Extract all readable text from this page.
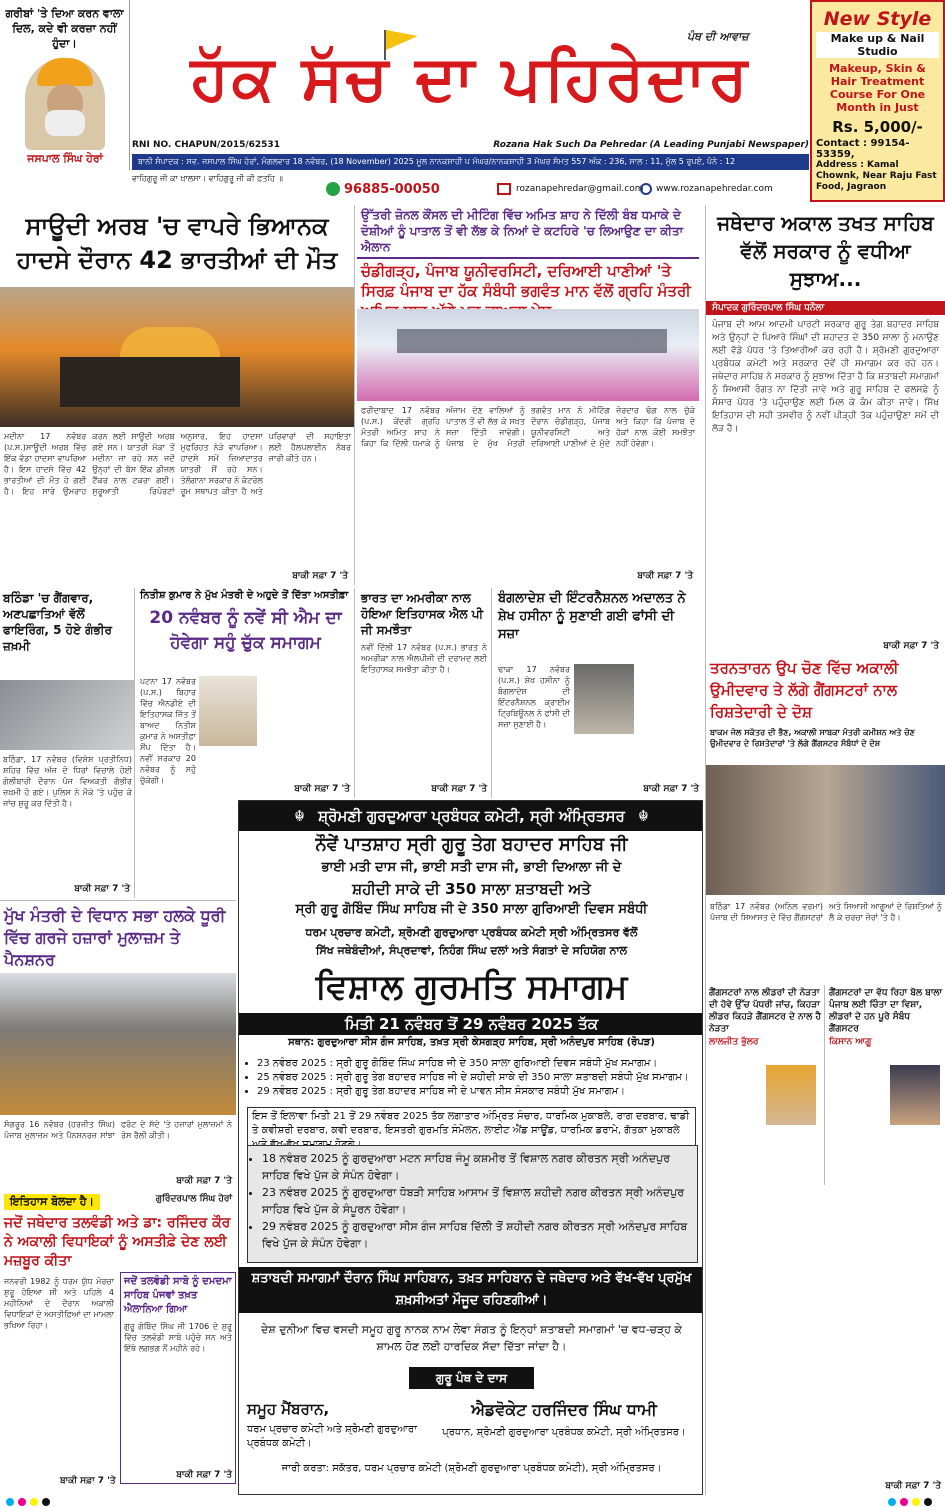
ਗਰੀਬਾਂ 'ਤੇ ਦਿਆ ਕਰਨ ਵਾਲਾ ਦਿਲ, ਕਦੇ ਵੀ ਕਰਜ਼ਾ ਨਹੀਂ ਹੁੰਦਾ।
ਜਸਪਾਲ ਸਿੰਘ ਹੇਰਾਂ
ਹੱਕ ਸੱਚ ਦਾ ਪਹਿਰੇਦਾਰ
ਪੰਥ ਦੀ ਆਵਾਜ਼
RNI NO. CHAPUN/2015/62531	Rozana Hak Such Da Pehredar (A Leading Punjabi Newspaper)
ਬਾਨੀ ਸੰਪਾਦਕ : ਸਵ. ਜਸਪਾਲ ਸਿੰਘ ਹੇਰਾਂ, ਮੰਗਲਵਾਰ 18 ਨਵੰਬਰ, (18 November) 2025 ਮੂਲ ਨਾਨਕਸ਼ਾਹੀ ਪ ਮੱਘਰ/ਨਾਨਕਸ਼ਾਹੀ 3 ਮੱਘਰ ਸੰਮਤ 557 ਅੰਕ : 236, ਸਾਲ : 11, ਮੁੱਲ 5 ਰੁਪਏ, ਪੰਨੇ : 12
ਵਾਹਿਗੁਰੂ ਜੀ ਕਾ ਖ਼ਾਲਸਾ। ਵਾਹਿਗੁਰੂ ਜੀ ਕੀ ਫ਼ਤਹਿ ॥
96885-00050	rozanapehredar@gmail.com www.rozanapehredar.com
New Style
Make up & Nail Studio
Makeup, Skin & Hair Treatment Course For One Month in Just
Rs. 5,000/-
Contact : 99154-53359,
Address : Kamal Chownk, Near Raju Fast Food, Jagraon
ਸਾਊਦੀ ਅਰਬ 'ਚ ਵਾਪਰੇ ਭਿਆਨਕ ਹਾਦਸੇ ਦੌਰਾਨ 42 ਭਾਰਤੀਆਂ ਦੀ ਮੌਤ
ਮਦੀਨਾ 17 ਨਵੰਬਰ (ਪ.ਸ.)ਸਾਊਦੀ ਅਰਬ ਵਿੱਚ ਇੱਕ ਵੱਡਾ ਹਾਦਸਾ ਵਾਪਰਿਆ ਹੈ। ਇਸ ਹਾਦਸੇ ਵਿੱਚ 42 ਭਾਰਤੀਆਂ ਦੀ ਮੌਤ ਹੋ ਗਈ ਹੈ। ਇਹ ਸਾਰੇ ਉਮਰਾਹ ਕਰਨ ਲਈ ਸਾਊਦੀ ਅਰਬ ਗਏ ਸਨ। ਯਾਤਰੀ ਮੱਕਾ ਤੋਂ ਮਦੀਨਾ ਜਾ ਰਹੇ ਸਨ ਜਦੋਂ ਉਨ੍ਹਾਂ ਦੀ ਬੱਸ ਇੱਕ ਡੀਜ਼ਲ ਟੈਂਕਰ ਨਾਲ ਟਕਰਾ ਗਈ। ਸੁਰੂਆਤੀ ਰਿਪੋਰਟਾਂ ਅਨੁਸਾਰ, ਇਹ ਹਾਦਸਾ ਮੁਫਰਿਹਤ ਨੇੜੇ ਵਾਪਰਿਆ। ਹਾਦਸੇ ਸਮੇਂ ਜ਼ਿਆਦਾਤਰ ਯਾਤਰੀ ਸੌਂ ਰਹੇ ਸਨ। ਤੇਲੰਗਾਨਾ ਸਰਕਾਰ ਨੇ ਕੰਟਰੋਲ ਰੂਮ ਸਥਾਪਤ ਕੀਤਾ ਹੈ ਅਤੇ ਪਰਿਵਾਰਾਂ ਦੀ ਸਹਾਇਤਾ ਲਈ ਹੈਲਪਲਾਈਨ ਨੰਬਰ ਜਾਰੀ ਕੀਤੇ ਹਨ।
ਬਾਕੀ ਸਫ਼ਾ 7 'ਤੇ
ਉੱਤਰੀ ਜ਼ੋਨਲ ਕੌਂਸਲ ਦੀ ਮੀਟਿੰਗ ਵਿੱਚ ਅਮਿਤ ਸ਼ਾਹ ਨੇ ਦਿੱਲੀ ਬੰਬ ਧਮਾਕੇ ਦੇ ਦੋਸ਼ੀਆਂ ਨੂੰ ਪਾਤਾਲ ਤੋਂ ਵੀ ਲੱਭ ਕੇ ਨਿਆਂ ਦੇ ਕਟਹਿਰੇ 'ਚ ਲਿਆਉਣ ਦਾ ਕੀਤਾ ਐਲਾਨ
ਚੰਡੀਗੜ੍ਹ, ਪੰਜਾਬ ਯੂਨੀਵਰਸਿਟੀ, ਦਰਿਆਈ ਪਾਣੀਆਂ 'ਤੇ ਸਿਰਫ਼ ਪੰਜਾਬ ਦਾ ਹੱਕ ਸੰਬੰਧੀ ਭਗਵੰਤ ਮਾਨ ਵੱਲੋਂ ਗ੍ਰਹਿ ਮੰਤਰੀ
ਫਰੀਦਾਬਾਦ 17 ਨਵੰਬਰ (ਪ.ਸ.) ਕੇਂਦਰੀ ਗ੍ਰਹਿ ਮੰਤਰੀ ਅਮਿਤ ਸ਼ਾਹ ਨੇ ਕਿਹਾ ਕਿ ਦਿੱਲੀ ਧਮਾਕੇ ਨੂੰ ਅੰਜਾਮ ਦੇਣ ਵਾਲਿਆਂ ਨੂੰ ਪਾਤਾਲ ਤੋਂ ਵੀ ਲੱਭ ਕੇ ਸਖ਼ਤ ਸਜ਼ਾ ਦਿੱਤੀ ਜਾਵੇਗੀ। ਪੰਜਾਬ ਦੇ ਮੁੱਖ ਮੰਤਰੀ ਭਗਵੰਤ ਮਾਨ ਨੇ ਮੀਟਿੰਗ ਦੌਰਾਨ ਚੰਡੀਗੜ੍ਹ, ਪੰਜਾਬ ਯੂਨੀਵਰਸਿਟੀ ਅਤੇ ਦਰਿਆਈ ਪਾਣੀਆਂ ਦੇ ਮੁੱਦੇ ਜ਼ੋਰਦਾਰ ਢੰਗ ਨਾਲ ਚੁੱਕੇ ਅਤੇ ਕਿਹਾ ਕਿ ਪੰਜਾਬ ਦੇ ਹੱਕਾਂ ਨਾਲ ਕੋਈ ਸਮਝੌਤਾ ਨਹੀਂ ਹੋਵੇਗਾ।
ਬਾਕੀ ਸਫ਼ਾ 7 'ਤੇ
ਜਥੇਦਾਰ ਅਕਾਲ ਤਖਤ ਸਾਹਿਬ ਵੱਲੋਂ ਸਰਕਾਰ ਨੂੰ ਵਧੀਆ ਸੁਝਾਅ...
ਸੰਪਾਦਕ ਗੁਰਿੰਦਰਪਾਲ ਸਿੰਘ ਧਨੌਲਾ
ਪੰਜਾਬ ਦੀ ਆਮ ਆਦਮੀ ਪਾਰਟੀ ਸਰਕਾਰ ਗੁਰੂ ਤੇਗ ਬਹਾਦਰ ਸਾਹਿਬ ਅਤੇ ਉਨ੍ਹਾਂ ਦੇ ਪਿਆਰੇ ਸਿੰਘਾਂ ਦੀ ਸ਼ਹਾਦਤ ਦੇ 350 ਸਾਲਾ ਨੂੰ ਮਨਾਉਣ ਲਈ ਵੱਡੇ ਪੱਧਰ 'ਤੇ ਤਿਆਰੀਆਂ ਕਰ ਰਹੀ ਹੈ। ਸ਼੍ਰੋਮਣੀ ਗੁਰਦੁਆਰਾ ਪ੍ਰਬੰਧਕ ਕਮੇਟੀ ਅਤੇ ਸਰਕਾਰ ਦੋਵੇਂ ਹੀ ਸਮਾਗਮ ਕਰ ਰਹੇ ਹਨ। ਜਥੇਦਾਰ ਸਾਹਿਬ ਨੇ ਸਰਕਾਰ ਨੂੰ ਸੁਝਾਅ ਦਿੱਤਾ ਹੈ ਕਿ ਸ਼ਤਾਬਦੀ ਸਮਾਗਮਾਂ ਨੂੰ ਸਿਆਸੀ ਰੰਗਤ ਨਾ ਦਿੱਤੀ ਜਾਵੇ ਅਤੇ ਗੁਰੂ ਸਾਹਿਬ ਦੇ ਫਲਸਫ਼ੇ ਨੂੰ ਸੰਸਾਰ ਪੱਧਰ 'ਤੇ ਪਹੁੰਚਾਉਣ ਲਈ ਮਿਲ ਕੇ ਕੰਮ ਕੀਤਾ ਜਾਵੇ। ਸਿੱਖ ਇਤਿਹਾਸ ਦੀ ਸਹੀ ਤਸਵੀਰ ਨੂੰ ਨਵੀਂ ਪੀੜ੍ਹੀ ਤੱਕ ਪਹੁੰਚਾਉਣਾ ਸਮੇਂ ਦੀ ਲੋੜ ਹੈ।
ਬਾਕੀ ਸਫ਼ਾ 7 'ਤੇ
ਬਠਿੰਡਾ 'ਚ ਗੈਂਗਵਾਰ, ਅਣਪਛਾਤਿਆਂ ਵੱਲੋਂ ਫਾਇਰਿੰਗ, 5 ਹੋਏ ਗੰਭੀਰ ਜ਼ਖ਼ਮੀ
ਬਠਿੰਡਾ, 17 ਨਵੰਬਰ (ਵਿਸ਼ੇਸ਼ ਪ੍ਰਤੀਨਿਧ) ਸ਼ਹਿਰ ਵਿੱਚ ਅੱਜ ਦੋ ਧਿਰਾਂ ਵਿਚਾਲੇ ਹੋਈ ਗੋਲੀਬਾਰੀ ਦੌਰਾਨ ਪੰਜ ਵਿਅਕਤੀ ਗੰਭੀਰ ਜ਼ਖ਼ਮੀ ਹੋ ਗਏ। ਪੁਲਿਸ ਨੇ ਮੌਕੇ 'ਤੇ ਪਹੁੰਚ ਕੇ ਜਾਂਚ ਸ਼ੁਰੂ ਕਰ ਦਿੱਤੀ ਹੈ।
ਬਾਕੀ ਸਫ਼ਾ 7 'ਤੇ
ਨਿਤੀਸ਼ ਕੁਮਾਰ ਨੇ ਮੁੱਖ ਮੰਤਰੀ ਦੇ ਅਹੁਦੇ ਤੋਂ ਦਿੱਤਾ ਅਸਤੀਫ਼ਾ
20 ਨਵੰਬਰ ਨੂੰ ਨਵੇਂ ਸੀ ਐਮ ਦਾ ਹੋਵੇਗਾ ਸਹੁੰ ਚੁੱਕ ਸਮਾਗਮ
ਪਟਨਾ 17 ਨਵੰਬਰ (ਪ.ਸ.) ਬਿਹਾਰ ਵਿੱਚ ਐਨਡੀਏ ਦੀ ਇਤਿਹਾਸਕ ਜਿੱਤ ਤੋਂ ਬਾਅਦ ਨਿਤੀਸ਼ ਕੁਮਾਰ ਨੇ ਅਸਤੀਫ਼ਾ ਸੌਂਪ ਦਿੱਤਾ ਹੈ। ਨਵੀਂ ਸਰਕਾਰ 20 ਨਵੰਬਰ ਨੂੰ ਸਹੁੰ ਚੁੱਕੇਗੀ।
ਬਾਕੀ ਸਫ਼ਾ 7 'ਤੇ
ਭਾਰਤ ਦਾ ਅਮਰੀਕਾ ਨਾਲ ਹੋਇਆ ਇਤਿਹਾਸਕ ਐਲ ਪੀ ਜੀ ਸਮਝੌਤਾ
ਨਵੀਂ ਦਿੱਲੀ 17 ਨਵੰਬਰ (ਪ.ਸ.) ਭਾਰਤ ਨੇ ਅਮਰੀਕਾ ਨਾਲ ਐਲਪੀਜੀ ਦੀ ਦਰਾਮਦ ਲਈ ਇਤਿਹਾਸਕ ਸਮਝੌਤਾ ਕੀਤਾ ਹੈ।
ਬਾਕੀ ਸਫ਼ਾ 7 'ਤੇ
ਬੰਗਲਾਦੇਸ਼ ਦੀ ਇੰਟਰਨੈਸ਼ਨਲ ਅਦਾਲਤ ਨੇ ਸ਼ੇਖ ਹਸੀਨਾ ਨੂੰ ਸੁਣਾਈ ਗਈ ਫਾਂਸੀ ਦੀ ਸਜ਼ਾ
ਢਾਕਾ 17 ਨਵੰਬਰ (ਪ.ਸ.) ਸ਼ੇਖ ਹਸੀਨਾ ਨੂੰ ਬੰਗਲਾਦੇਸ਼ ਦੀ ਇੰਟਰਨੈਸ਼ਨਲ ਕ੍ਰਾਈਮ ਟ੍ਰਿਬਿਊਨਲ ਨੇ ਫਾਂਸੀ ਦੀ ਸਜ਼ਾ ਸੁਣਾਈ ਹੈ।
ਬਾਕੀ ਸਫ਼ਾ 7 'ਤੇ
☬ ਸ਼੍ਰੋਮਣੀ ਗੁਰਦੁਆਰਾ ਪ੍ਰਬੰਧਕ ਕਮੇਟੀ, ਸ੍ਰੀ ਅੰਮ੍ਰਿਤਸਰ ☬
ਨੌਵੇਂ ਪਾਤਸ਼ਾਹ ਸ੍ਰੀ ਗੁਰੂ ਤੇਗ ਬਹਾਦਰ ਸਾਹਿਬ ਜੀ
ਭਾਈ ਮਤੀ ਦਾਸ ਜੀ, ਭਾਈ ਸਤੀ ਦਾਸ ਜੀ, ਭਾਈ ਦਿਆਲਾ ਜੀ ਦੇ
ਸ਼ਹੀਦੀ ਸਾਕੇ ਦੀ 350 ਸਾਲਾ ਸ਼ਤਾਬਦੀ ਅਤੇ
ਸ੍ਰੀ ਗੁਰੂ ਗੋਬਿੰਦ ਸਿੰਘ ਸਾਹਿਬ ਜੀ ਦੇ 350 ਸਾਲਾ ਗੁਰਿਆਈ ਦਿਵਸ ਸਬੰਧੀ
ਧਰਮ ਪ੍ਰਚਾਰ ਕਮੇਟੀ, ਸ਼੍ਰੋਮਣੀ ਗੁਰਦੁਆਰਾ ਪ੍ਰਬੰਧਕ ਕਮੇਟੀ ਸ੍ਰੀ ਅੰਮ੍ਰਿਤਸਰ ਵੱਲੋਂ
ਸਿੱਖ ਜਥੇਬੰਦੀਆਂ, ਸੰਪ੍ਰਦਾਵਾਂ, ਨਿਹੰਗ ਸਿੰਘ ਦਲਾਂ ਅਤੇ ਸੰਗਤਾਂ ਦੇ ਸਹਿਯੋਗ ਨਾਲ
ਵਿਸ਼ਾਲ ਗੁਰਮਤਿ ਸਮਾਗਮ
ਮਿਤੀ 21 ਨਵੰਬਰ ਤੋਂ 29 ਨਵੰਬਰ 2025 ਤੱਕ
ਸਥਾਨ: ਗੁਰਦੁਆਰਾ ਸੀਸ ਗੰਜ ਸਾਹਿਬ, ਤਖ਼ਤ ਸ੍ਰੀ ਕੇਸਗੜ੍ਹ ਸਾਹਿਬ, ਸ੍ਰੀ ਅਨੰਦਪੁਰ ਸਾਹਿਬ (ਰੋਪੜ)
• 23 ਨਵੰਬਰ 2025 : ਸ੍ਰੀ ਗੁਰੂ ਗੋਬਿੰਦ ਸਿੰਘ ਸਾਹਿਬ ਜੀ ਦੇ 350 ਸਾਲਾ ਗੁਰਿਆਈ ਦਿਵਸ ਸਬੰਧੀ ਮੁੱਖ ਸਮਾਗਮ।
• 25 ਨਵੰਬਰ 2025 : ਸ੍ਰੀ ਗੁਰੂ ਤੇਗ ਬਹਾਦਰ ਸਾਹਿਬ ਜੀ ਦੇ ਸ਼ਹੀਦੀ ਸਾਕੇ ਦੀ 350 ਸਾਲਾ ਸ਼ਤਾਬਦੀ ਸਬੰਧੀ ਮੁੱਖ ਸਮਾਗਮ।
• 29 ਨਵੰਬਰ 2025 : ਸ੍ਰੀ ਗੁਰੂ ਤੇਗ ਬਹਾਦਰ ਸਾਹਿਬ ਜੀ ਦੇ ਪਾਵਨ ਸੀਸ ਸੰਸਕਾਰ ਸਬੰਧੀ ਮੁੱਖ ਸਮਾਗਮ।
ਇਸ ਤੋਂ ਇਲਾਵਾ ਮਿਤੀ 21 ਤੋਂ 29 ਨਵੰਬਰ 2025 ਤੱਕ ਲਗਾਤਾਰ ਅੰਮ੍ਰਿਤ ਸੰਚਾਰ, ਧਾਰਮਿਕ ਮੁਕਾਬਲੇ, ਰਾਗ ਦਰਬਾਰ, ਢਾਡੀ ਤੇ ਕਵੀਸ਼ਰੀ ਦਰਬਾਰ, ਕਵੀ ਦਰਬਾਰ, ਇਸਤਰੀ ਗੁਰਮਤਿ ਸੰਮੇਲਨ, ਲਾਈਟ ਐਂਡ ਸਾਊਂਡ, ਧਾਰਮਿਕ ਡਰਾਮੇ, ਗੱਤਕਾ ਮੁਕਾਬਲੇ
• 18 ਨਵੰਬਰ 2025 ਨੂੰ ਗੁਰਦੁਆਰਾ ਮਟਨ ਸਾਹਿਬ ਜੰਮੂ ਕਸ਼ਮੀਰ ਤੋਂ ਵਿਸ਼ਾਲ ਨਗਰ ਕੀਰਤਨ ਸ੍ਰੀ ਅਨੰਦਪੁਰ ਸਾਹਿਬ ਵਿਖੇ ਪੁੱਜ ਕੇ ਸੰਪੰਨ ਹੋਵੇਗਾ।
• 23 ਨਵੰਬਰ 2025 ਨੂੰ ਗੁਰਦੁਆਰਾ ਧੋਬੜੀ ਸਾਹਿਬ ਆਸਾਮ ਤੋਂ ਵਿਸ਼ਾਲ ਸ਼ਹੀਦੀ ਨਗਰ ਕੀਰਤਨ ਸ੍ਰੀ ਅਨੰਦਪੁਰ ਸਾਹਿਬ ਵਿਖੇ ਪੁੱਜ ਕੇ ਸੰਪੂਰਨ ਹੋਵੇਗਾ।
• 29 ਨਵੰਬਰ 2025 ਨੂੰ ਗੁਰਦੁਆਰਾ ਸੀਸ ਗੰਜ ਸਾਹਿਬ ਦਿੱਲੀ ਤੋਂ ਸ਼ਹੀਦੀ ਨਗਰ ਕੀਰਤਨ ਸ੍ਰੀ ਅਨੰਦਪੁਰ ਸਾਹਿਬ ਵਿਖੇ ਪੁੱਜ ਕੇ ਸੰਪੰਨ ਹੋਵੇਗਾ।
ਸ਼ਤਾਬਦੀ ਸਮਾਗਮਾਂ ਦੌਰਾਨ ਸਿੰਘ ਸਾਹਿਬਾਨ, ਤਖ਼ਤ ਸਾਹਿਬਾਨ ਦੇ ਜਥੇਦਾਰ ਅਤੇ ਵੱਖ-ਵੱਖ ਪ੍ਰਮੁੱਖ ਸ਼ਖ਼ਸੀਅਤਾਂ ਮੌਜੂਦ ਰਹਿਣਗੀਆਂ।
ਦੇਸ਼ ਦੁਨੀਆ ਵਿਚ ਵਸਦੀ ਸਮੂਹ ਗੁਰੂ ਨਾਨਕ ਨਾਮ ਲੇਵਾ ਸੰਗਤ ਨੂੰ ਇਨ੍ਹਾਂ ਸ਼ਤਾਬਦੀ ਸਮਾਗਮਾਂ 'ਚ ਵਧ-ਚੜ੍ਹ ਕੇ ਸ਼ਾਮਲ ਹੋਣ ਲਈ ਹਾਰਦਿਕ ਸੱਦਾ ਦਿੱਤਾ ਜਾਂਦਾ ਹੈ।
ਗੁਰੂ ਪੰਥ ਦੇ ਦਾਸ
ਸਮੂਹ ਮੈਂਬਰਾਨ,
ਧਰਮ ਪ੍ਰਚਾਰ ਕਮੇਟੀ ਅਤੇ ਸ਼੍ਰੋਮਣੀ ਗੁਰਦੁਆਰਾ ਪ੍ਰਬੰਧਕ ਕਮੇਟੀ।
ਐਡਵੋਕੇਟ ਹਰਜਿੰਦਰ ਸਿੰਘ ਧਾਮੀ
ਪ੍ਰਧਾਨ, ਸ਼੍ਰੋਮਣੀ ਗੁਰਦੁਆਰਾ ਪ੍ਰਬੰਧਕ ਕਮੇਟੀ, ਸ੍ਰੀ ਅੰਮ੍ਰਿਤਸਰ।
ਜਾਰੀ ਕਰਤਾ: ਸਕੱਤਰ, ਧਰਮ ਪ੍ਰਚਾਰ ਕਮੇਟੀ (ਸ਼੍ਰੋਮਣੀ ਗੁਰਦੁਆਰਾ ਪ੍ਰਬੰਧਕ ਕਮੇਟੀ), ਸ੍ਰੀ ਅੰਮ੍ਰਿਤਸਰ।
ਮੁੱਖ ਮੰਤਰੀ ਦੇ ਵਿਧਾਨ ਸਭਾ ਹਲਕੇ ਧੂਰੀ ਵਿੱਚ ਗਰਜੇ ਹਜ਼ਾਰਾਂ ਮੁਲਾਜ਼ਮ ਤੇ ਪੈਨਸ਼ਨਰ
ਸੰਗਰੂਰ 16 ਨਵੰਬਰ (ਹਰਜੀਤ ਸਿੰਘ) ਪੰਜਾਬ ਮੁਲਾਜ਼ਮ ਅਤੇ ਪੈਨਸ਼ਨਰਜ਼ ਸਾਂਝਾ ਫਰੰਟ ਦੇ ਸੱਦੇ 'ਤੇ ਹਜ਼ਾਰਾਂ ਮੁਲਾਜ਼ਮਾਂ ਨੇ ਰੋਸ ਰੈਲੀ ਕੀਤੀ।
ਬਾਕੀ ਸਫ਼ਾ 7 'ਤੇ
ਇਤਿਹਾਸ ਬੋਲਦਾ ਹੈ।	ਗੁਰਿੰਦਰਪਾਲ ਸਿੰਘ ਹੇਰਾਂ
ਜਦੋਂ ਜਥੇਦਾਰ ਤਲਵੰਡੀ ਅਤੇ ਡਾ: ਰਜਿੰਦਰ ਕੌਰ ਨੇ ਅਕਾਲੀ ਵਿਧਾਇਕਾਂ ਨੂੰ ਅਸਤੀਫ਼ੇ ਦੇਣ ਲਈ ਮਜ਼ਬੂਰ ਕੀਤਾ
ਜਨਵਰੀ 1982 ਨੂੰ ਧਰਮ ਯੁੱਧ ਮੋਰਚਾ ਸ਼ੁਰੂ ਹੋਇਆ ਸੀ ਅਤੇ ਪਹਿਲੇ 4 ਮਹੀਨਿਆਂ ਦੇ ਦੌਰਾਨ ਅਕਾਲੀ ਵਿਧਾਇਕਾਂ ਦੇ ਅਸਤੀਫ਼ਿਆਂ ਦਾ ਮਾਮਲਾ ਭਖਿਆ ਰਿਹਾ।
ਬਾਕੀ ਸਫ਼ਾ 7 'ਤੇ
ਜਦੋਂ ਤਲਵੰਡੀ ਸਾਬੋ ਨੂੰ ਦਮਦਮਾ ਸਾਹਿਬ ਪੰਜਵਾਂ ਤਖ਼ਤ ਐਲਾਨਿਆ ਗਿਆ
ਗੁਰੂ ਗੋਬਿੰਦ ਸਿੰਘ ਜੀ 1706 ਦੇ ਸ਼ੁਰੂ ਵਿੱਚ ਤਲਵੰਡੀ ਸਾਬੋ ਪਹੁੰਚੇ ਸਨ ਅਤੇ ਇੱਥੇ ਲਗਭਗ ਨੌਂ ਮਹੀਨੇ ਰਹੇ।
ਬਾਕੀ ਸਫ਼ਾ 7 'ਤੇ
ਤਰਨਤਾਰਨ ਉਪ ਚੋਣ ਵਿੱਚ ਅਕਾਲੀ ਉਮੀਦਵਾਰ ਤੇ ਲੱਗੇ ਗੈਂਗਸਟਰਾਂ ਨਾਲ ਰਿਸ਼ਤੇਦਾਰੀ ਦੇ ਦੋਸ਼
ਬਾਕਮ ਜੇਲ ਸਕੱਤਰ ਦੀ ਭੈਣ, ਅਕਾਲੀ ਸਾਬਕਾ ਮੰਤਰੀ ਕਮੀਸ਼ਨ ਅਤੇ ਚੋਣ ਉਮੀਦਵਾਰ ਦੇ ਰਿਸ਼ਤੇਦਾਰਾਂ 'ਤੇ ਲੱਗੇ ਗੈਂਗਸਟਰ ਸੰਬੰਧਾਂ ਦੇ ਦੋਸ਼
ਬਠਿੰਡਾ 17 ਨਵੰਬਰ (ਅਨਿਲ ਵਰਮਾ) ਪੰਜਾਬ ਦੀ ਸਿਆਸਤ ਦੇ ਵਿੱਚ ਗੈਂਗਸਟਰਾਂ ਅਤੇ ਸਿਆਸੀ ਆਗੂਆਂ ਦੇ ਰਿਸ਼ਤਿਆਂ ਨੂੰ ਲੈ ਕੇ ਚਰਚਾ ਜ਼ੋਰਾਂ 'ਤੇ ਹੈ।
ਗੈਂਗਸਟਰਾਂ ਨਾਲ ਲੀਡਰਾਂ ਦੀ ਨੇੜਤਾ ਦੀ ਹੋਵੇ ਉੱਚ ਪੱਧਰੀ ਜਾਂਚ, ਕਿਹੜਾ ਲੀਡਰ ਕਿਹੜੇ ਗੈਂਗਸਟਰ ਦੇ ਨਾਲ ਹੈ ਨੇੜਤਾ
ਲਾਲਜੀਤ ਭੁੱਲਰ
ਗੈਂਗਸਟਰਾਂ ਦਾ ਵੱਧ ਰਿਹਾ ਬੋਲ ਬਾਲਾ ਪੰਜਾਬ ਲਈ ਚਿੰਤਾ ਦਾ ਵਿਸ਼ਾ, ਲੀਡਰਾਂ ਦੇ ਹਨ ਪੂਰੇ ਸੰਬੰਧ ਗੈਂਗਸਟਰ
ਕਿਸਾਨ ਆਗੂ
ਬਾਕੀ ਸਫ਼ਾ 7 'ਤੇ
